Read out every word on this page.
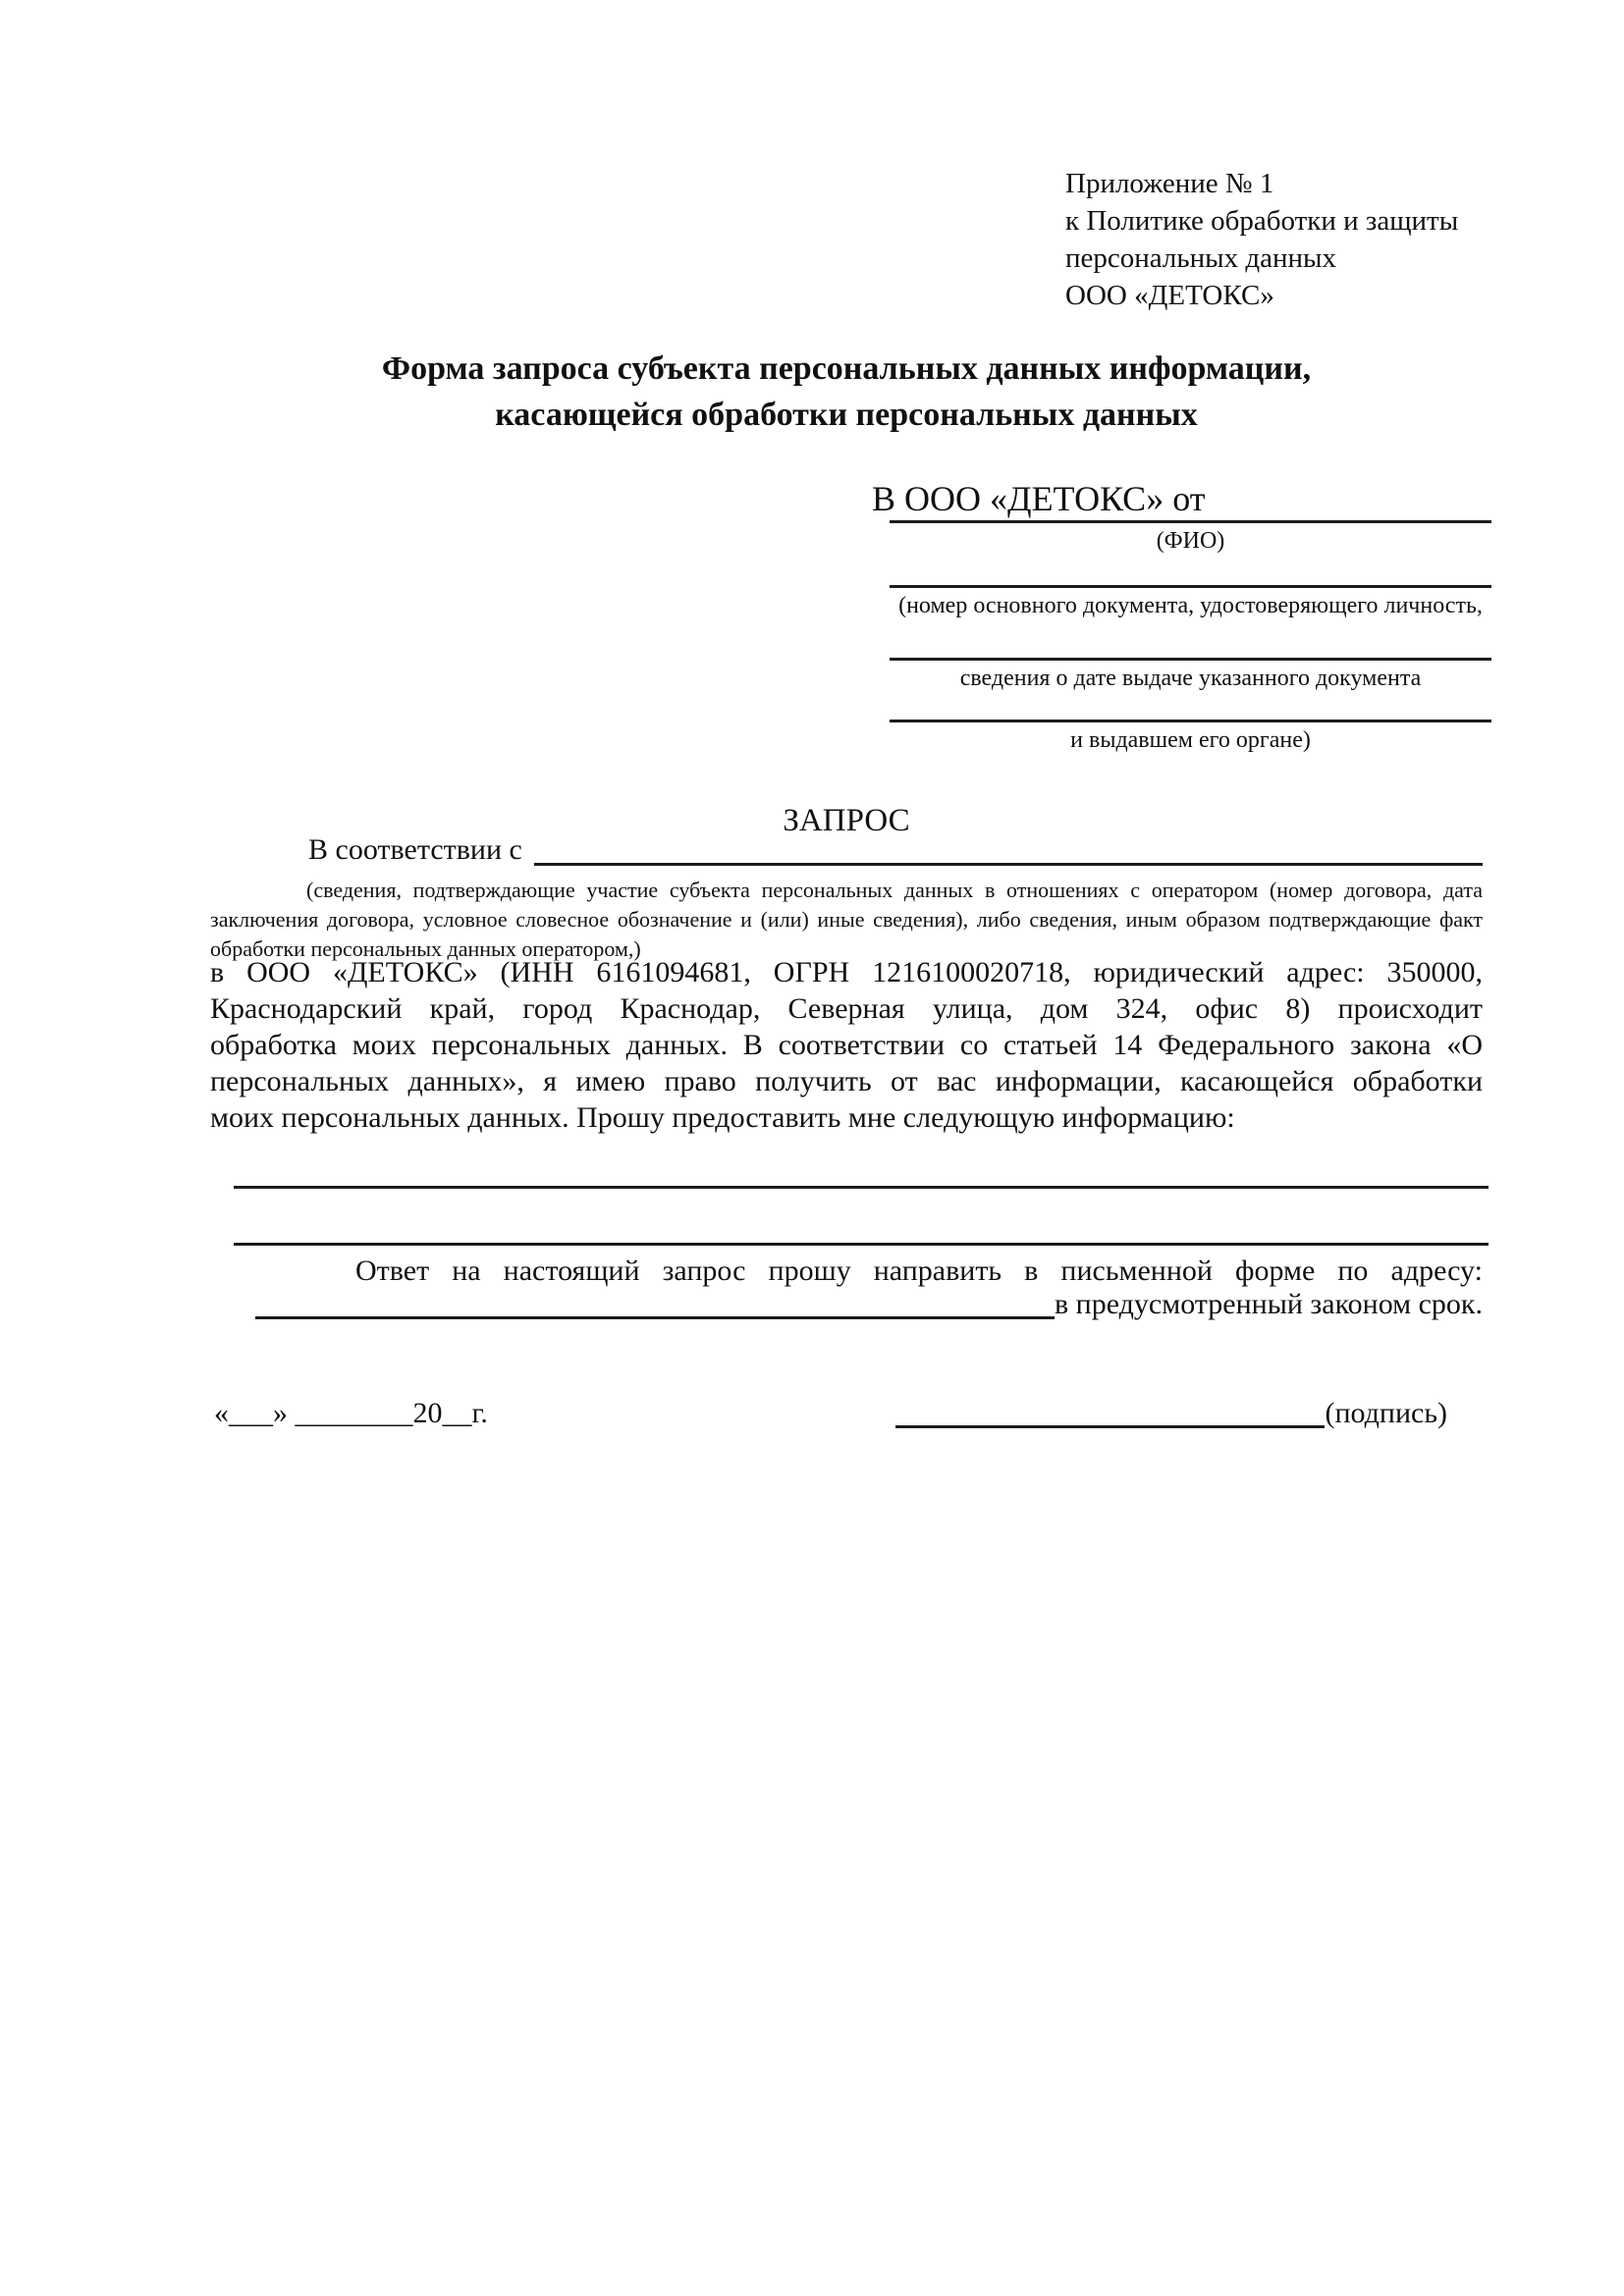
Приложение № 1
к Политике обработки и защиты
персональных данных
ООО «ДЕТОКС»
Форма запроса субъекта персональных данных информации,
касающейся обработки персональных данных
В ООО «ДЕТОКС» от
(ФИО)
(номер основного документа, удостоверяющего личность,
сведения о дате выдаче указанного документа
и выдавшем его органе)
ЗАПРОС
В соответствии с
(сведения, подтверждающие участие субъекта персональных данных в отношениях с оператором (номер договора, дата
заключения договора, условное словесное обозначение и (или) иные сведения), либо сведения, иным образом подтверждающие факт
обработки персональных данных оператором,)
в ООО «ДЕТОКС» (ИНН 6161094681, ОГРН 1216100020718, юридический адрес: 350000,
Краснодарский край, город Краснодар, Северная улица, дом 324, офис 8) происходит
обработка моих персональных данных. В соответствии со статьей 14 Федерального закона «О
персональных данных», я имею право получить от вас информации, касающейся обработки
моих персональных данных. Прошу предоставить мне следующую информацию:
Ответ на настоящий запрос прошу направить в письменной форме по адресу:
в предусмотренный законом срок.
«___» ________20__г.	(подпись)
